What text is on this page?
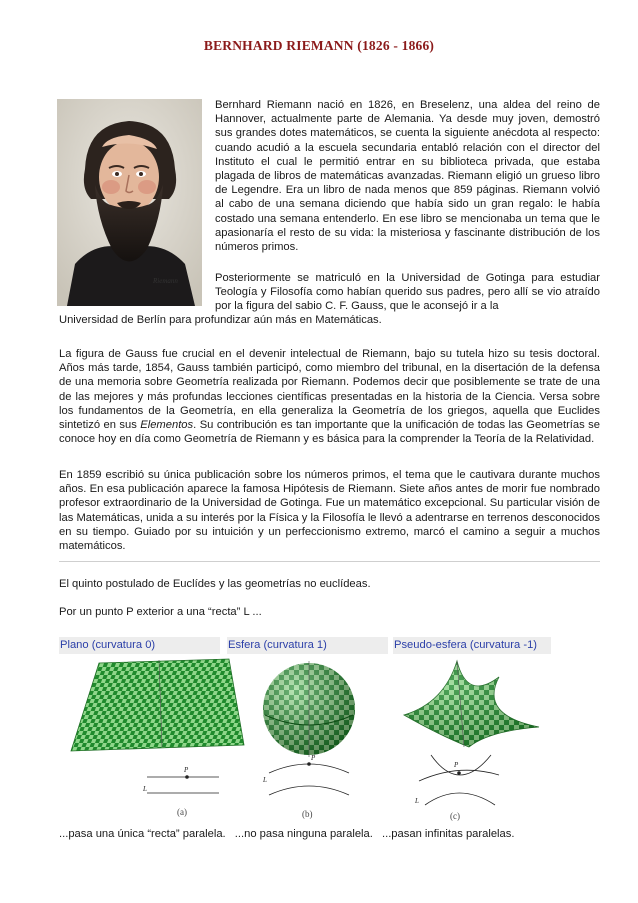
BERNHARD RIEMANN (1826 - 1866)
Riemann

Bernhard Riemann nació en 1826, en Breselenz, una aldea del reino de Hannover, actualmente parte de Alemania. Ya desde muy joven, demostró sus grandes dotes matemáticos, se cuenta la siguiente anécdota al respecto: cuando acudió a la escuela secundaria entabló relación con el director del Instituto el cual le permitió entrar en su biblioteca privada, que estaba plagada de libros de matemáticas avanzadas. Riemann eligió un grueso libro de Legendre. Era un libro de nada menos que 859 páginas. Riemann volvió al cabo de una semana diciendo que había sido un gran regalo: le había costado una semana entenderlo. En ese libro se mencionaba un tema que le apasionaría el resto de su vida: la misteriosa y fascinante distribución de los números primos.

Posteriormente se matriculó en la Universidad de Gotinga para estudiar Teología y Filosofía como habían querido sus padres, pero allí se vio atraído por la figura del sabio C. F. Gauss, que le aconsejó ir a la

Universidad de Berlín para profundizar aún más en Matemáticas.

La figura de Gauss fue crucial en el devenir intelectual de Riemann, bajo su tutela hizo su tesis doctoral. Años más tarde, 1854, Gauss también participó, como miembro del tribunal, en la disertación de la defensa de una memoria sobre Geometría realizada por Riemann. Podemos decir que posiblemente se trate de una de las mejores y más profundas lecciones científicas presentadas en la historia de la Ciencia. Versa sobre los fundamentos de la Geometría, en ella generaliza la Geometría de los griegos, aquella que Euclides sintetizó en sus Elementos. Su contribución es tan importante que la unificación de todas las Geometrías se conoce hoy en día como Geometría de Riemann y es básica para la comprender la Teoría de la Relatividad.

En 1859 escribió su única publicación sobre los números primos, el tema que le cautivara durante muchos años. En esa publicación aparece la famosa Hipótesis de Riemann. Siete años antes de morir fue nombrado profesor extraordinario de la Universidad de Gotinga. Fue un matemático excepcional. Su particular visión de las Matemáticas, unida a su interés por la Física y la Filosofía le llevó a adentrarse en terrenos desconocidos en su tiempo. Guiado por su intuición y un perfeccionismo extremo, marcó el camino a seguir a muchos matemáticos.

El quinto postulado de Euclídes y las geometrías no euclídeas.
Por un punto P exterior a una “recta” L ...
Plano (curvatura 0)	Esfera (curvatura 1)	Pseudo-esfera (curvatura -1)
P
L
(a)
P
L
(b)
P
L
(c)
...pasa una única “recta” paralela. ...no pasa ninguna paralela. ...pasan infinitas paralelas.
